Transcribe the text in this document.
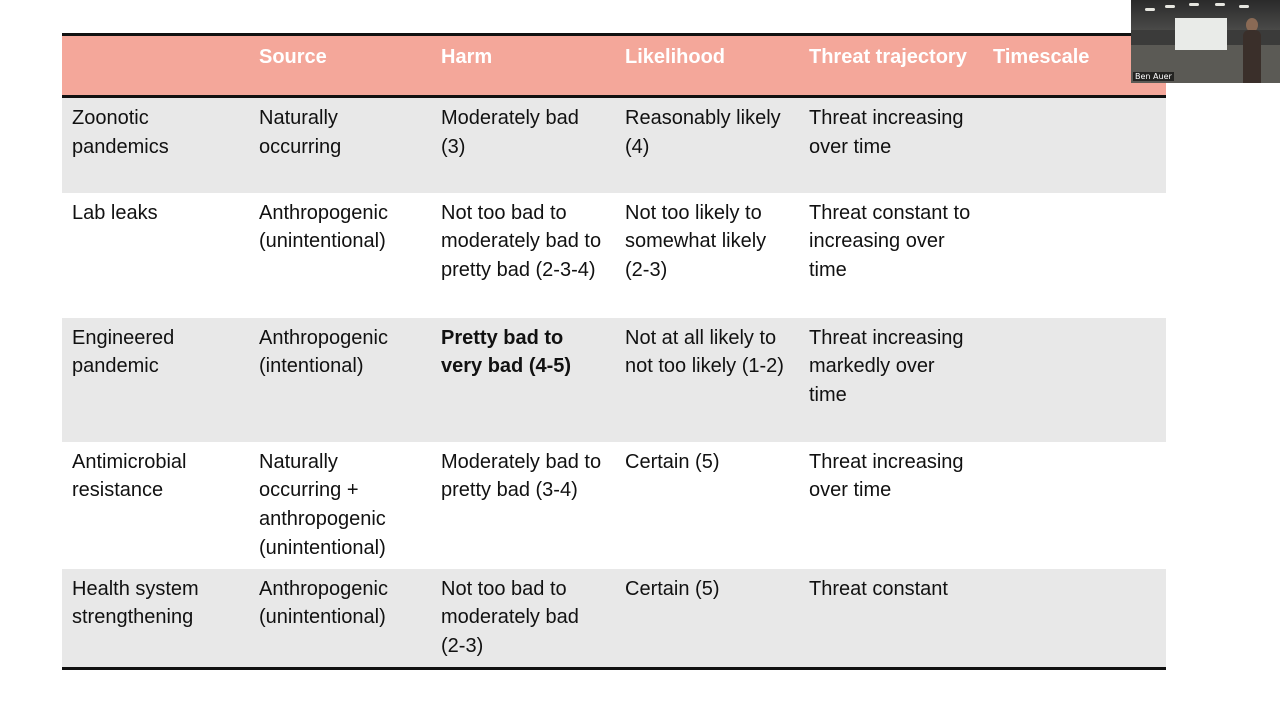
	Source	Harm	Likelihood	Threat trajectory	Timescale
Zoonotic pandemics	Naturally occurring	Moderately bad (3)	Reasonably likely (4)	Threat increasing over time	
Lab leaks	Anthropogenic (unintentional)	Not too bad to moderately bad to pretty bad (2-3-4)	Not too likely to somewhat likely (2-3)	Threat constant to increasing over time	
Engineered pandemic	Anthropogenic (intentional)	Pretty bad to very bad (4-5)	Not at all likely to not too likely (1-2)	Threat increasing markedly over time	
Antimicrobial resistance	Naturally occurring + anthropogenic (unintentional)	Moderately bad to pretty bad (3-4)	Certain (5)	Threat increasing over time	
Health system strengthening	Anthropogenic (unintentional)	Not too bad to moderately bad (2-3)	Certain (5)	Threat constant	
Ben Auer
